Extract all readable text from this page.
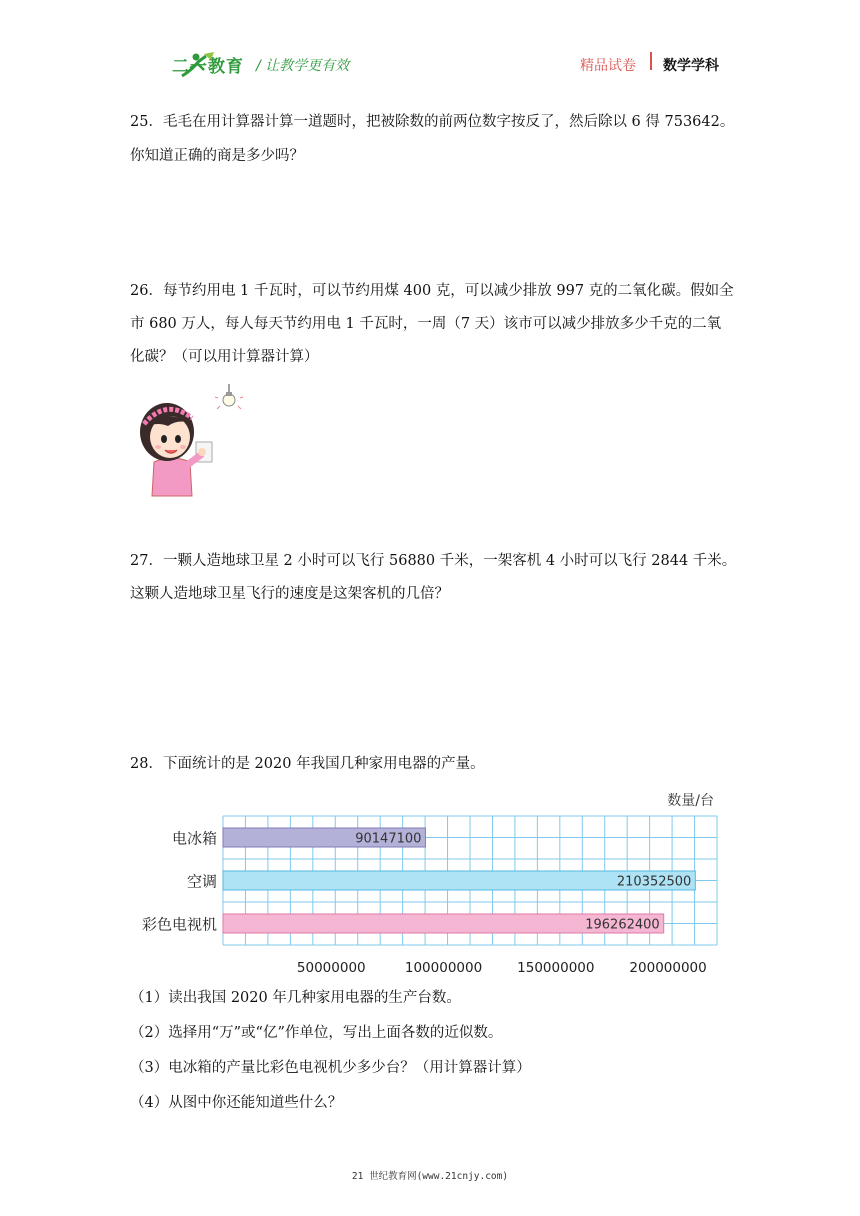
二一教育 / 让教学更有效	精品试卷 数学学科
25．毛毛在用计算器计算一道题时，把被除数的前两位数字按反了，然后除以 6 得 753642。
你知道正确的商是多少吗？
26．每节约用电 1 千瓦时，可以节约用煤 400 克，可以减少排放 997 克的二氧化碳。假如全
市 680 万人，每人每天节约用电 1 千瓦时，一周（7 天）该市可以减少排放多少千克的二氧
化碳？（可以用计算器计算）
27．一颗人造地球卫星 2 小时可以飞行 56880 千米，一架客机 4 小时可以飞行 2844 千米。
这颗人造地球卫星飞行的速度是这架客机的几倍？
28．下面统计的是 2020 年我国几种家用电器的产量。
数量/台
电冰箱
空调
彩色电视机
90147100
210352500
196262400
50000000	100000000	150000000	200000000
（1）读出我国 2020 年几种家用电器的生产台数。
（2）选择用“万”或“亿”作单位，写出上面各数的近似数。
（3）电冰箱的产量比彩色电视机少多少台？（用计算器计算）
（4）从图中你还能知道些什么？
21 世纪教育网(www.21cnjy.com)
